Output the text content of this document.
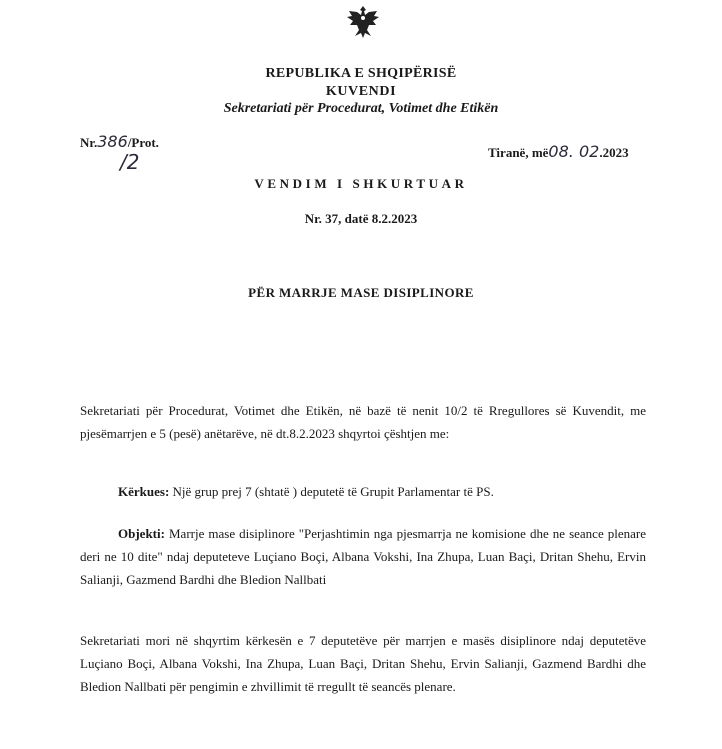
REPUBLIKA E SHQIPËRISË
KUVENDI
Sekretariati për Procedurat, Votimet dhe Etikën
Nr.386/Prot.
/2	Tiranë, më08. 02.2023
VENDIM I SHKURTUAR
Nr. 37, datë 8.2.2023
PËR MARRJE MASE DISIPLINORE
Sekretariati për Procedurat, Votimet dhe Etikën, në bazë të nenit 10/2 të Rregullores së Kuvendit, me pjesëmarrjen e 5 (pesë) anëtarëve, në dt.8.2.2023 shqyrtoi çështjen me:
Kërkues: Një grup prej 7 (shtatë ) deputetë të Grupit Parlamentar të PS.
Objekti: Marrje mase disiplinore "Perjashtimin nga pjesmarrja ne komisione dhe ne seance plenare deri ne 10 dite" ndaj deputeteve Luçiano Boçi, Albana Vokshi, Ina Zhupa, Luan Baçi, Dritan Shehu, Ervin Salianji, Gazmend Bardhi dhe Bledion Nallbati
Sekretariati mori në shqyrtim kërkesën e 7 deputetëve për marrjen e masës disiplinore ndaj deputetëve Luçiano Boçi, Albana Vokshi, Ina Zhupa, Luan Baçi, Dritan Shehu, Ervin Salianji, Gazmend Bardhi dhe Bledion Nallbati për pengimin e zhvillimit të rregullt të seancës plenare.
